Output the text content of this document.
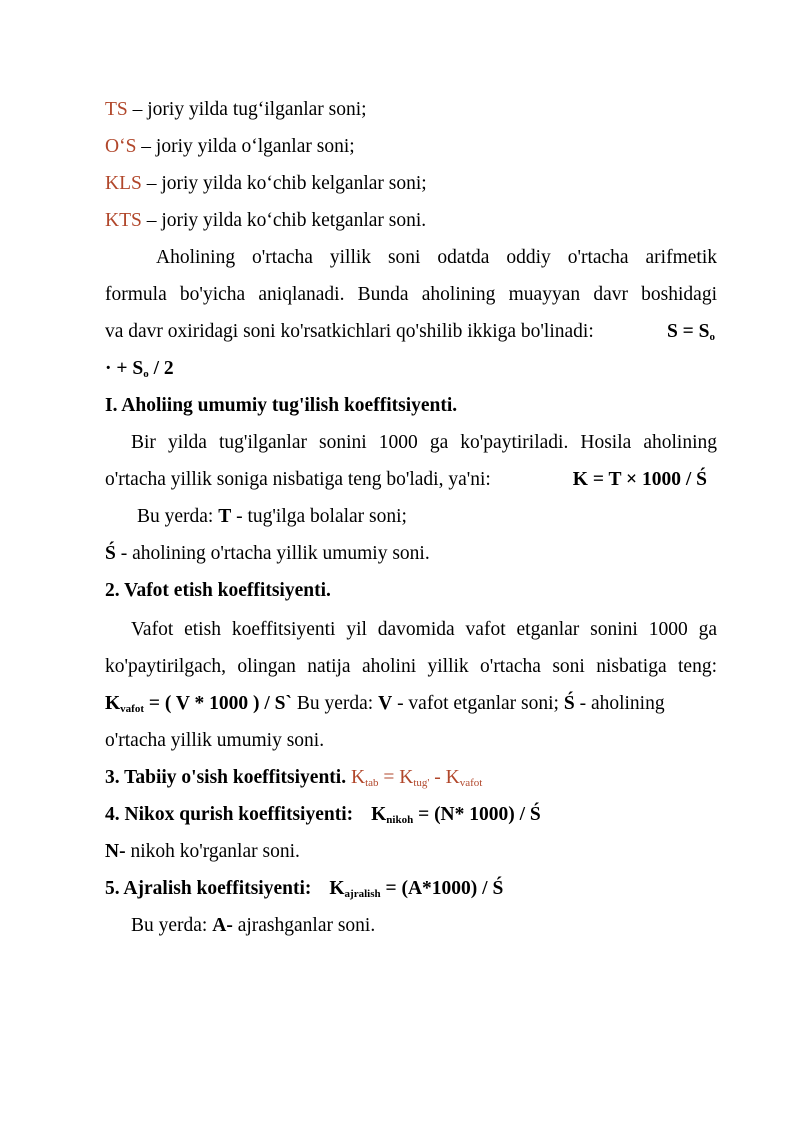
TS – joriy yilda tug‘ilganlar soni;
O‘S – joriy yilda o‘lganlar soni;
KLS – joriy yilda ko‘chib kelganlar soni;
KTS – joriy yilda ko‘chib ketganlar soni.
Aholining o'rtacha yillik soni odatda oddiy o'rtacha arifmetik
formula bo'yicha aniqlanadi. Bunda aholining muayyan davr boshidagi
va davr oxiridagi soni ko'rsatkichlari qo'shilib ikkiga bo'linadi:	$S = S_o$
· + $S_o / 2$
I. Aholiing umumiy tug'ilish koeffitsiyenti.
Bir yilda tug'ilganlar sonini 1000 ga ko'paytiriladi. Hosila aholining
o'rtacha yillik soniga nisbatiga teng bo'ladi, ya'ni:	K = T × 1000 / Ś
Bu yerda: T - tug'ilga bolalar soni;
Ś - aholining o'rtacha yillik umumiy soni.
2. Vafot etish koeffitsiyenti.
Vafot etish koeffitsiyenti yil davomida vafot etganlar sonini 1000 ga
ko'paytirilgach, olingan natija aholini yillik o'rtacha soni nisbatiga teng:
$K_{vafot}$ = ( V * 1000 ) / S` Bu yerda: V - vafot etganlar soni; Ś - aholining
o'rtacha yillik umumiy soni.
3. Tabiiy o'sish koeffitsiyenti. $K_{tab} = K_{tug'} - K_{vafot}$
4. Nikox qurish koeffitsiyenti: $K_{nikoh} = (N*$ 1000) / Ś
N- nikoh ko'rganlar soni.
5. Ajralish koeffitsiyenti: $K_{ajralish} = (A*1000)$ / Ś
Bu yerda: A- ajrashganlar soni.
